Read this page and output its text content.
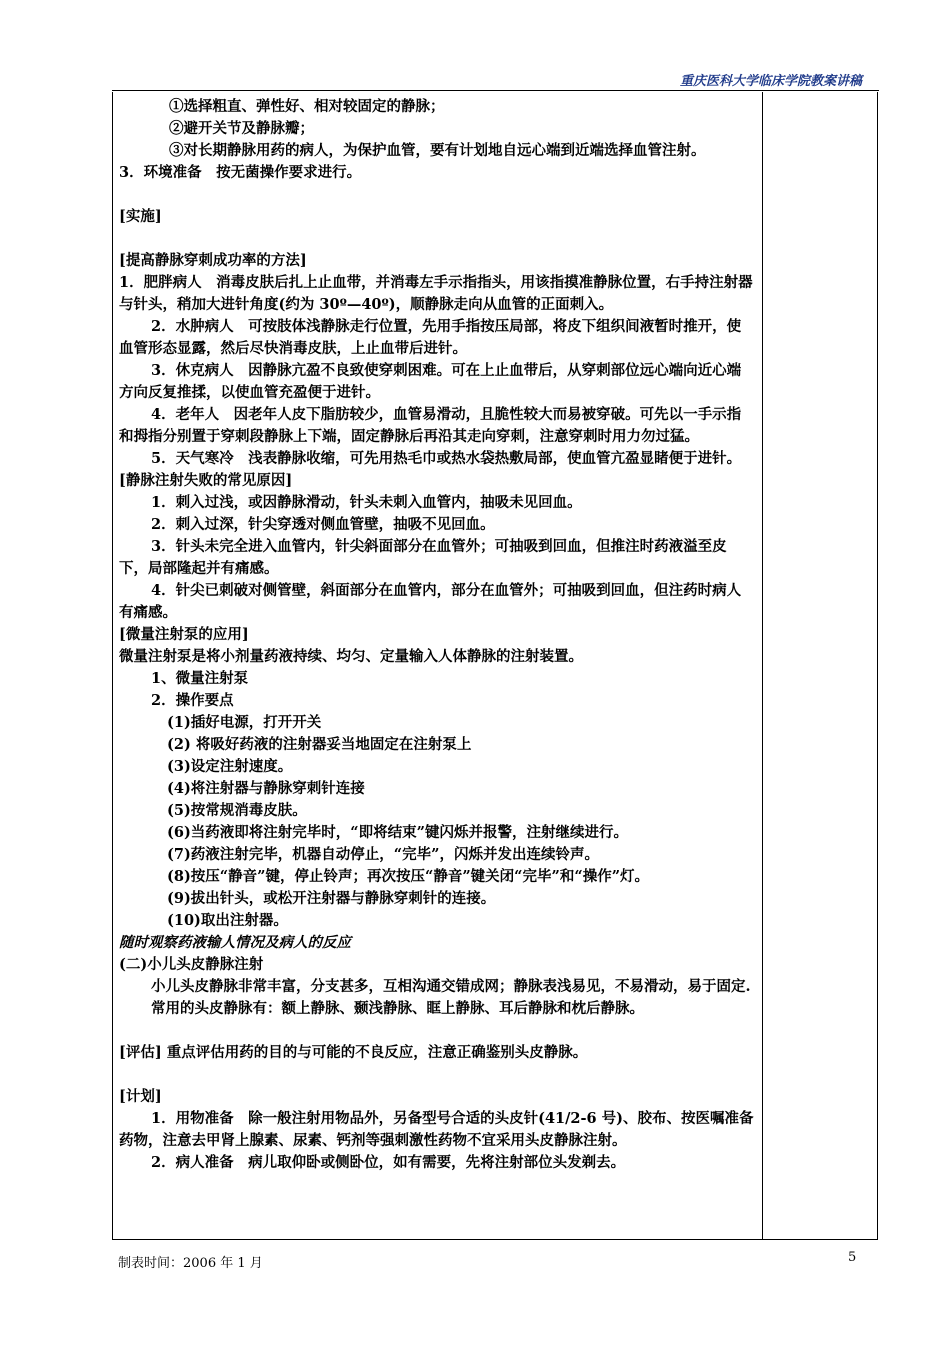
重庆医科大学临床学院教案讲稿

①选择粗直、弹性好、相对较固定的静脉；

②避开关节及静脉瓣；

③对长期静脉用药的病人，为保护血管，要有计划地自远心端到近端选择血管注射。

3．环境准备　按无菌操作要求进行。

[实施]

[提高静脉穿刺成功率的方法]

1．肥胖病人　消毒皮肤后扎上止血带，并消毒左手示指指头，用该指摸准静脉位置，右手持注射器与针头，稍加大进针角度(约为 30º—40º)，顺静脉走向从血管的正面刺入。

2．水肿病人　可按肢体浅静脉走行位置，先用手指按压局部，将皮下组织间液暂时推开，使血管形态显露，然后尽快消毒皮肤，上止血带后进针。

3．休克病人　因静脉亢盈不良致使穿刺困难。可在上止血带后，从穿刺部位远心端向近心端方向反复推揉，以使血管充盈便于进针。

4．老年人　因老年人皮下脂肪较少，血管易滑动，且脆性较大而易被穿破。可先以一手示指和拇指分别置于穿刺段静脉上下端，固定静脉后再沿其走向穿刺，注意穿刺时用力勿过猛。

5．天气寒冷　浅表静脉收缩，可先用热毛巾或热水袋热敷局部，使血管亢盈显睹便于进针。

[静脉注射失败的常见原因]

1．刺入过浅，或因静脉滑动，针头未刺入血管内，抽吸未见回血。

2．刺入过深，针尖穿透对侧血管壁，抽吸不见回血。

3．针头未完全进入血管内，针尖斜面部分在血管外；可抽吸到回血，但推注时药液溢至皮下，局部隆起并有痛感。

4．针尖已刺破对侧管壁，斜面部分在血管内，部分在血管外；可抽吸到回血，但注药时病人有痛感。

[微量注射泵的应用]

微量注射泵是将小剂量药液持续、均匀、定量输入人体静脉的注射装置。

1、微量注射泵

2．操作要点

(1)插好电源，打开开关

(2) 将吸好药液的注射器妥当地固定在注射泵上

(3)设定注射速度。

(4)将注射器与静脉穿刺针连接

(5)按常规消毒皮肤。

(6)当药液即将注射完毕时，“即将结束”键闪烁并报警，注射继续进行。

(7)药液注射完毕，机器自动停止，“完毕”，闪烁并发出连续铃声。

(8)按压“静音”键，停止铃声；再次按压“静音”键关闭“完毕”和“操作”灯。

(9)拔出针头，或松开注射器与静脉穿刺针的连接。

(10)取出注射器。

随时观察药液输人情况及病人的反应

(二)小儿头皮静脉注射

小儿头皮静脉非常丰富，分支甚多，互相沟通交错成网；静脉表浅易见，不易滑动，易于固定.

常用的头皮静脉有：额上静脉、颞浅静脉、眶上静脉、耳后静脉和枕后静脉。

[评估] 重点评估用药的目的与可能的不良反应，注意正确鉴别头皮静脉。

[计划]

1．用物准备　除一般注射用物品外，另备型号合适的头皮针(41/2-6 号)、胶布、按医嘱准备药物，注意去甲肾上腺素、尿素、钙剂等强刺激性药物不宜采用头皮静脉注射。

2．病人准备　病儿取仰卧或侧卧位，如有需要，先将注射部位头发剃去。

制表时间：2006 年 1 月	5
